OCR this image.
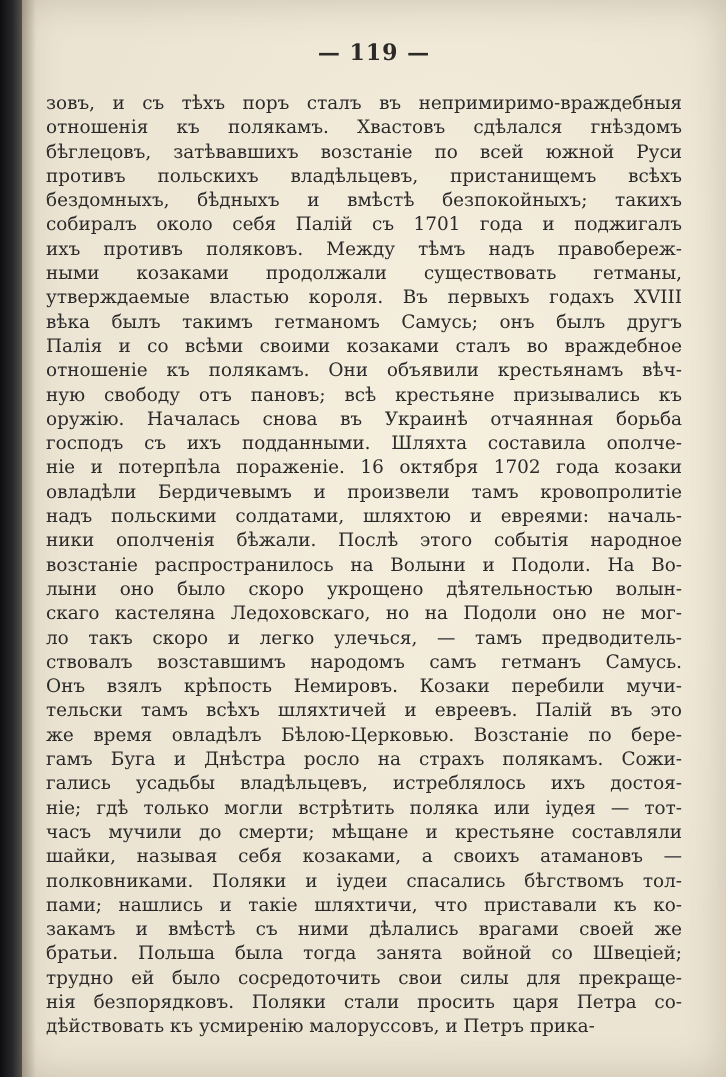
— 119 —
зовъ, и съ тѣхъ поръ сталъ въ непримиримо-враждебныя
отношенія къ полякамъ. Хвастовъ сдѣлался гнѣздомъ
бѣглецовъ, затѣвавшихъ возстаніе по всей южной Руси
противъ польскихъ владѣльцевъ, пристанищемъ всѣхъ
бездомныхъ, бѣдныхъ и вмѣстѣ безпокойныхъ; такихъ
собиралъ около себя Палій съ 1701 года и поджигалъ
ихъ противъ поляковъ. Между тѣмъ надъ правобереж-
ными козаками продолжали существовать гетманы,
утверждаемые властью короля. Въ первыхъ годахъ XVIII
вѣка былъ такимъ гетманомъ Самусь; онъ былъ другъ
Палія и со всѣми своими козаками сталъ во враждебное
отношеніе къ полякамъ. Они объявили крестьянамъ вѣч-
ную свободу отъ пановъ; всѣ крестьяне призывались къ
оружію. Началась снова въ Украинѣ отчаянная борьба
господъ съ ихъ подданными. Шляхта составила ополче-
ніе и потерпѣла пораженіе. 16 октября 1702 года козаки
овладѣли Бердичевымъ и произвели тамъ кровопролитіе
надъ польскими солдатами, шляхтою и евреями: началь-
ники ополченія бѣжали. Послѣ этого событія народное
возстаніе распространилось на Волыни и Подоли. На Во-
лыни оно было скоро укрощено дѣятельностью волын-
скаго кастеляна Ледоховскаго, но на Подоли оно не мог-
ло такъ скоро и легко улечься, — тамъ предводитель-
ствовалъ возставшимъ народомъ самъ гетманъ Самусь.
Онъ взялъ крѣпость Немировъ. Козаки перебили мучи-
тельски тамъ всѣхъ шляхтичей и евреевъ. Палій въ это
же время овладѣлъ Бѣлою-Церковью. Возстаніе по бере-
гамъ Буга и Днѣстра росло на страхъ полякамъ. Сожи-
гались усадьбы владѣльцевъ, истреблялось ихъ достоя-
ніе; гдѣ только могли встрѣтить поляка или іудея — тот-
часъ мучили до смерти; мѣщане и крестьяне составляли
шайки, называя себя козаками, а своихъ атамановъ —
полковниками. Поляки и іудеи спасались бѣгствомъ тол-
пами; нашлись и такіе шляхтичи, что приставали къ ко-
закамъ и вмѣстѣ съ ними дѣлались врагами своей же
братьи. Польша была тогда занята войной со Швеціей;
трудно ей было сосредоточить свои силы для прекраще-
нія безпорядковъ. Поляки стали просить царя Петра со-
дѣйствовать къ усмиренію малоруссовъ, и Петръ прика-
